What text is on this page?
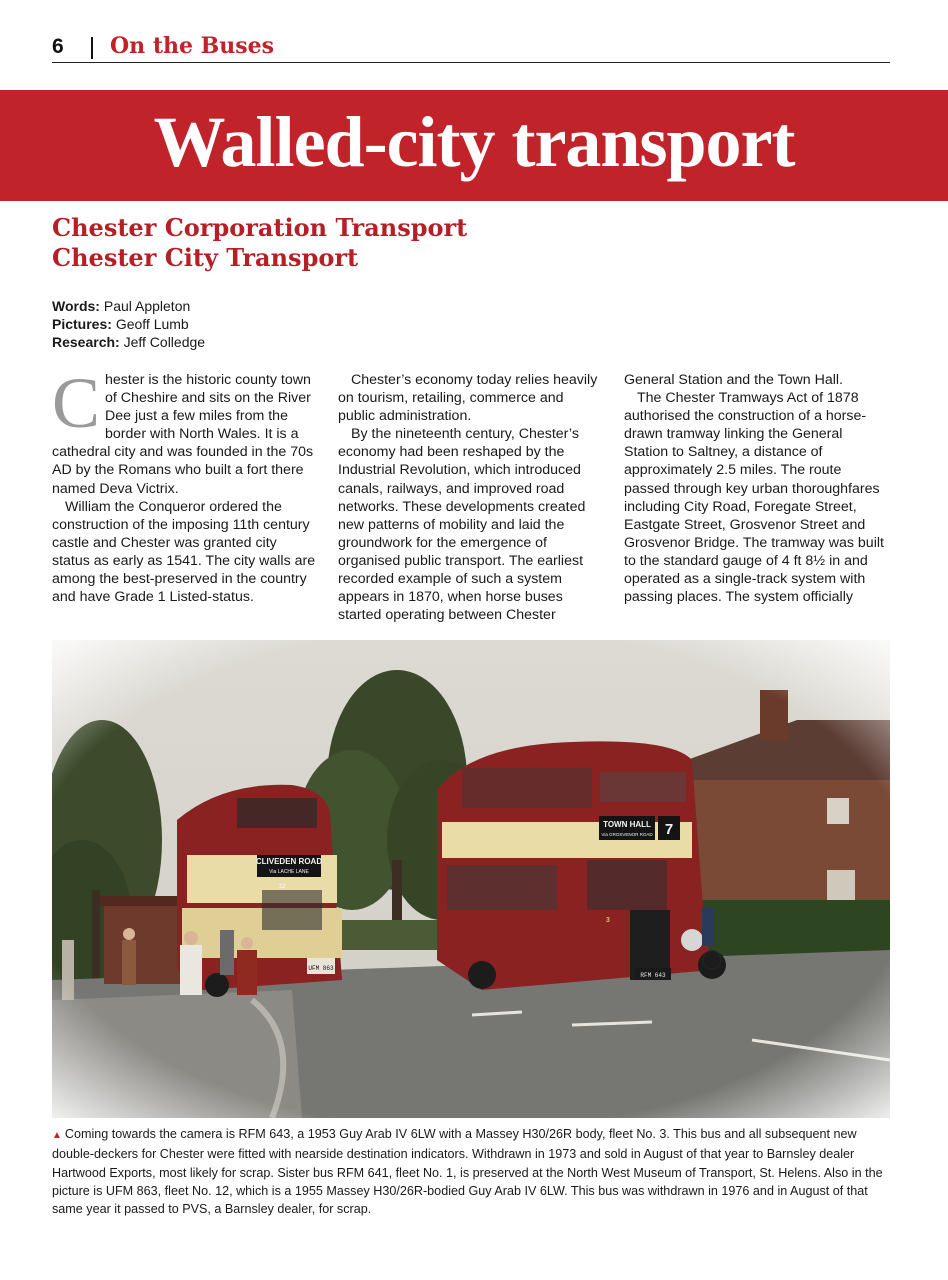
6 On the Buses
Walled-city transport
Chester Corporation Transport
Chester City Transport
Words: Paul Appleton
Pictures: Geoff Lumb
Research: Jeff Colledge

Chester is the historic county town of Cheshire and sits on the River Dee just a few miles from the border with North Wales. It is a cathedral city and was founded in the 70s AD by the Romans who built a fort there named Deva Victrix.

William the Conqueror ordered the construction of the imposing 11th century castle and Chester was granted city status as early as 1541. The city walls are among the best-preserved in the country and have Grade 1 Listed-status.

Chester’s economy today relies heavily on tourism, retailing, commerce and public administration.

By the nineteenth century, Chester’s economy had been reshaped by the Industrial Revolution, which introduced canals, railways, and improved road networks. These developments created new patterns of mobility and laid the groundwork for the emergence of organised public transport. The earliest recorded example of such a system appears in 1870, when horse buses started operating between Chester

General Station and the Town Hall.

The Chester Tramways Act of 1878 authorised the construction of a horse-drawn tramway linking the General Station to Saltney, a distance of approximately 2.5 miles. The route passed through key urban thoroughfares including City Road, Foregate Street, Eastgate Street, Grosvenor Street and Grosvenor Bridge. The tramway was built to the standard gauge of 4 ft 8½ in and operated as a single-track system with passing places. The system officially

▲ Coming towards the camera is RFM 643, a 1953 Guy Arab IV 6LW with a Massey H30/26R body, fleet No. 3. This bus and all subsequent new double-deckers for Chester were fitted with nearside destination indicators. Withdrawn in 1973 and sold in August of that year to Barnsley dealer Hartwood Exports, most likely for scrap. Sister bus RFM 641, fleet No. 1, is preserved at the North West Museum of Transport, St. Helens. Also in the picture is UFM 863, fleet No. 12, which is a 1955 Massey H30/26R-bodied Guy Arab IV 6LW. This bus was withdrawn in 1976 and in August of that same year it passed to PVS, a Barnsley dealer, for scrap.
